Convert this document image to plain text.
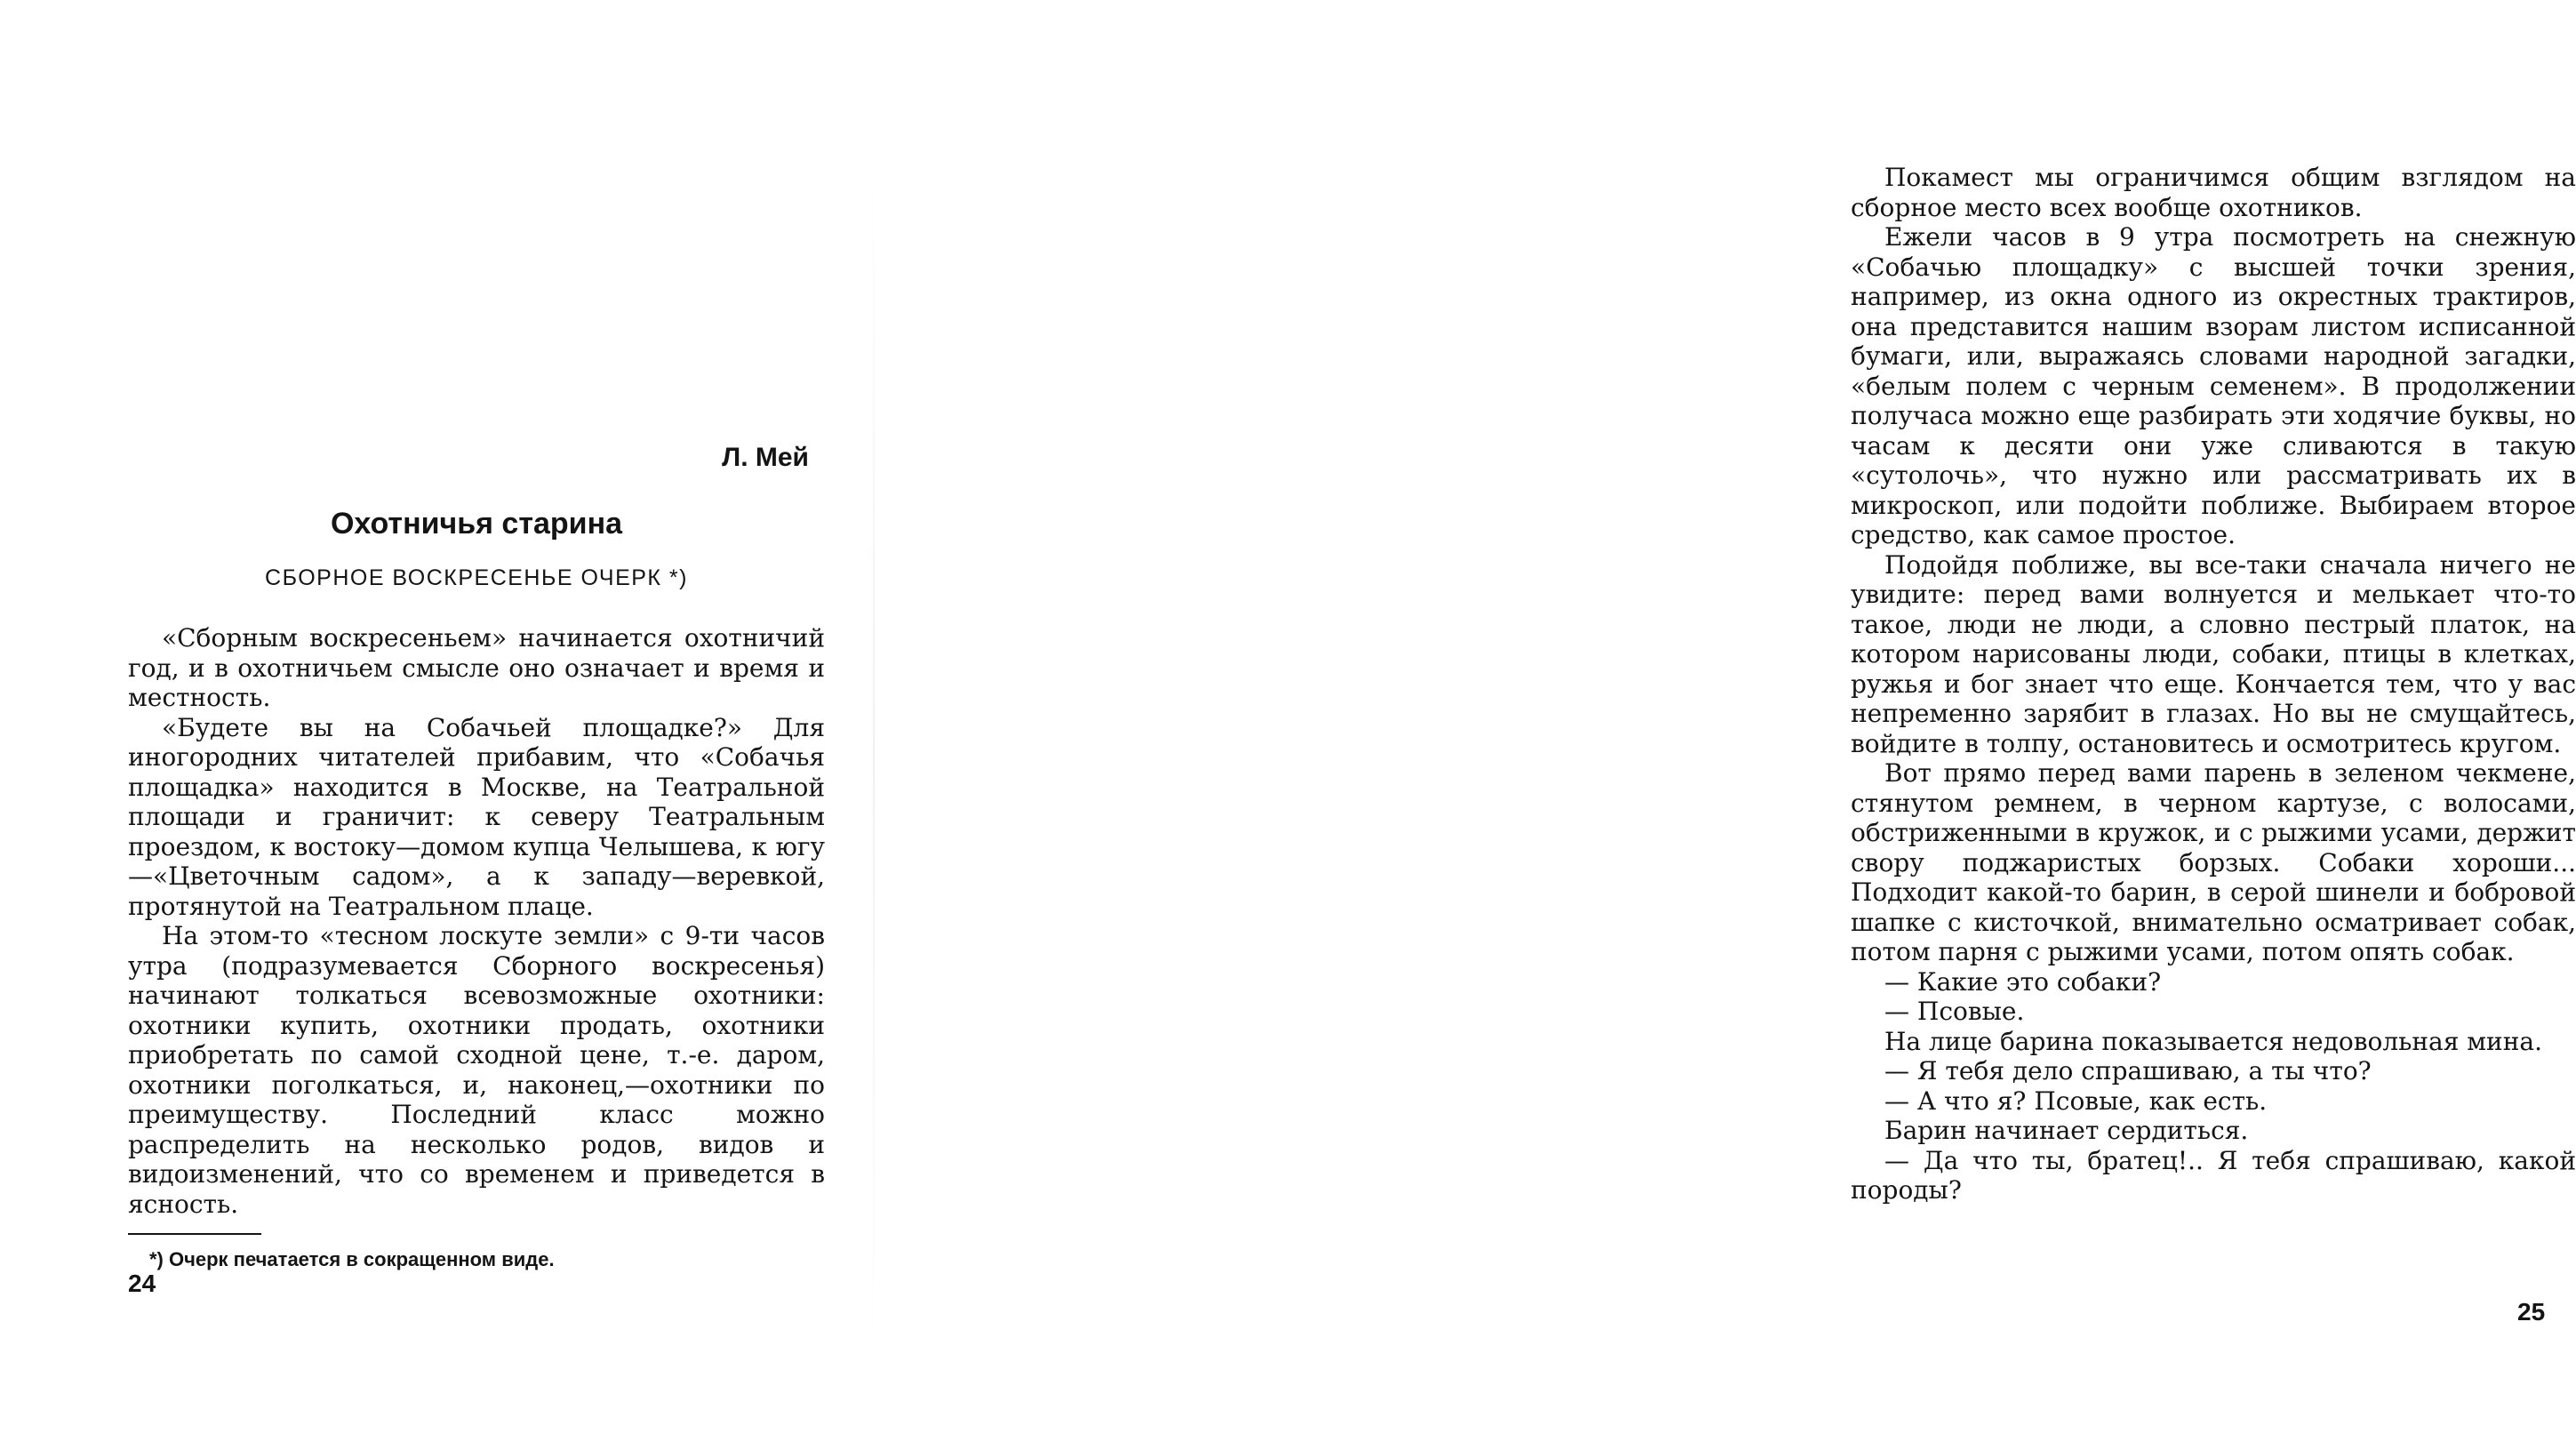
Л. Мей

Охотничья старина
СБОРНОЕ ВОСКРЕСЕНЬЕ ОЧЕРК *)

«Сборным воскресеньем» начинается охотничий год, и в охотничьем смысле оно означает и время и местность.

«Будете вы на Собачьей площадке?» Для иногородних читателей прибавим, что «Собачья площадка» находится в Москве, на Театральной площади и граничит: к северу Театральным проездом, к востоку—домом купца Челышева, к югу—«Цветочным садом», а к западу—веревкой, протянутой на Театральном плаце.

На этом-то «тесном лоскуте земли» с 9-ти часов утра (подразумевается Сборного воскресенья) начинают толкаться всевозможные охотники: охотники купить, охотники продать, охотники приобретать по самой сходной цене, т.-е. даром, охотники поголкаться, и, наконец,—охотники по преимуществу. Последний класс можно распределить на несколько родов, видов и видоизменений, что со временем и приведется в ясность.

*) Очерк печатается в сокращенном виде.

24

Покамест мы ограничимся общим взглядом на сборное место всех вообще охотников.

Ежели часов в 9 утра посмотреть на снежную «Собачью площадку» с высшей точки зрения, например, из окна одного из окрестных трактиров, она представится нашим взорам листом исписанной бумаги, или, выражаясь словами народной загадки, «белым полем с черным семенем». В продолжении получаса можно еще разбирать эти ходячие буквы, но часам к десяти они уже сливаются в такую «сутолочь», что нужно или рассматривать их в микроскоп, или подойти поближе. Выбираем второе средство, как самое простое.

Подойдя поближе, вы все-таки сначала ничего не увидите: перед вами волнуется и мелькает что-то такое, люди не люди, а словно пестрый платок, на котором нарисованы люди, собаки, птицы в клетках, ружья и бог знает что еще. Кончается тем, что у вас непременно зарябит в глазах. Но вы не смущайтесь, войдите в толпу, остановитесь и осмотритесь кругом.

Вот прямо перед вами парень в зеленом чекмене, стянутом ремнем, в черном картузе, с волосами, обстриженными в кружок, и с рыжими усами, держит свору поджаристых борзых. Собаки хороши... Подходит какой-то барин, в серой шинели и бобровой шапке с кисточкой, внимательно осматривает собак, потом парня с рыжими усами, потом опять собак.

— Какие это собаки?

— Псовые.

На лице барина показывается недовольная мина.

— Я тебя дело спрашиваю, а ты что?

— А что я? Псовые, как есть.

Барин начинает сердиться.

— Да что ты, братец!.. Я тебя спрашиваю, какой породы?

25
